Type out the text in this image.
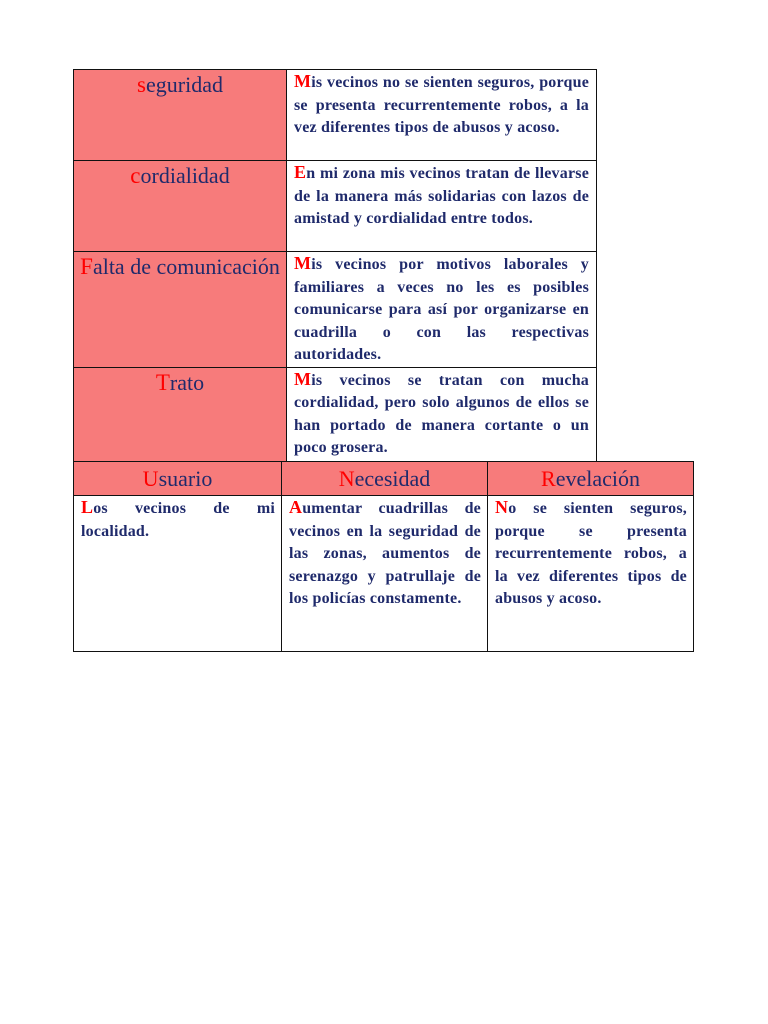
seguridad	Mis vecinos no se sienten seguros, porque se presenta recurrentemente robos, a la vez diferentes tipos de abusos y acoso.
cordialidad	En mi zona mis vecinos tratan de llevarse de la manera más solidarias con lazos de amistad y cordialidad entre todos.
Falta de comunicación	Mis vecinos por motivos laborales y familiares a veces no les es posibles comunicarse para así por organizarse en cuadrilla o con las respectivas autoridades.
Trato	Mis vecinos se tratan con mucha cordialidad, pero solo algunos de ellos se han portado de manera cortante o un poco grosera.
Usuario	Necesidad	Revelación
Los vecinos de mi localidad.	Aumentar cuadrillas de vecinos en la seguridad de las zonas, aumentos de serenazgo y patrullaje de los policías constamente.	No se sienten seguros, porque se presenta recurrentemente robos, a la vez diferentes tipos de abusos y acoso.
